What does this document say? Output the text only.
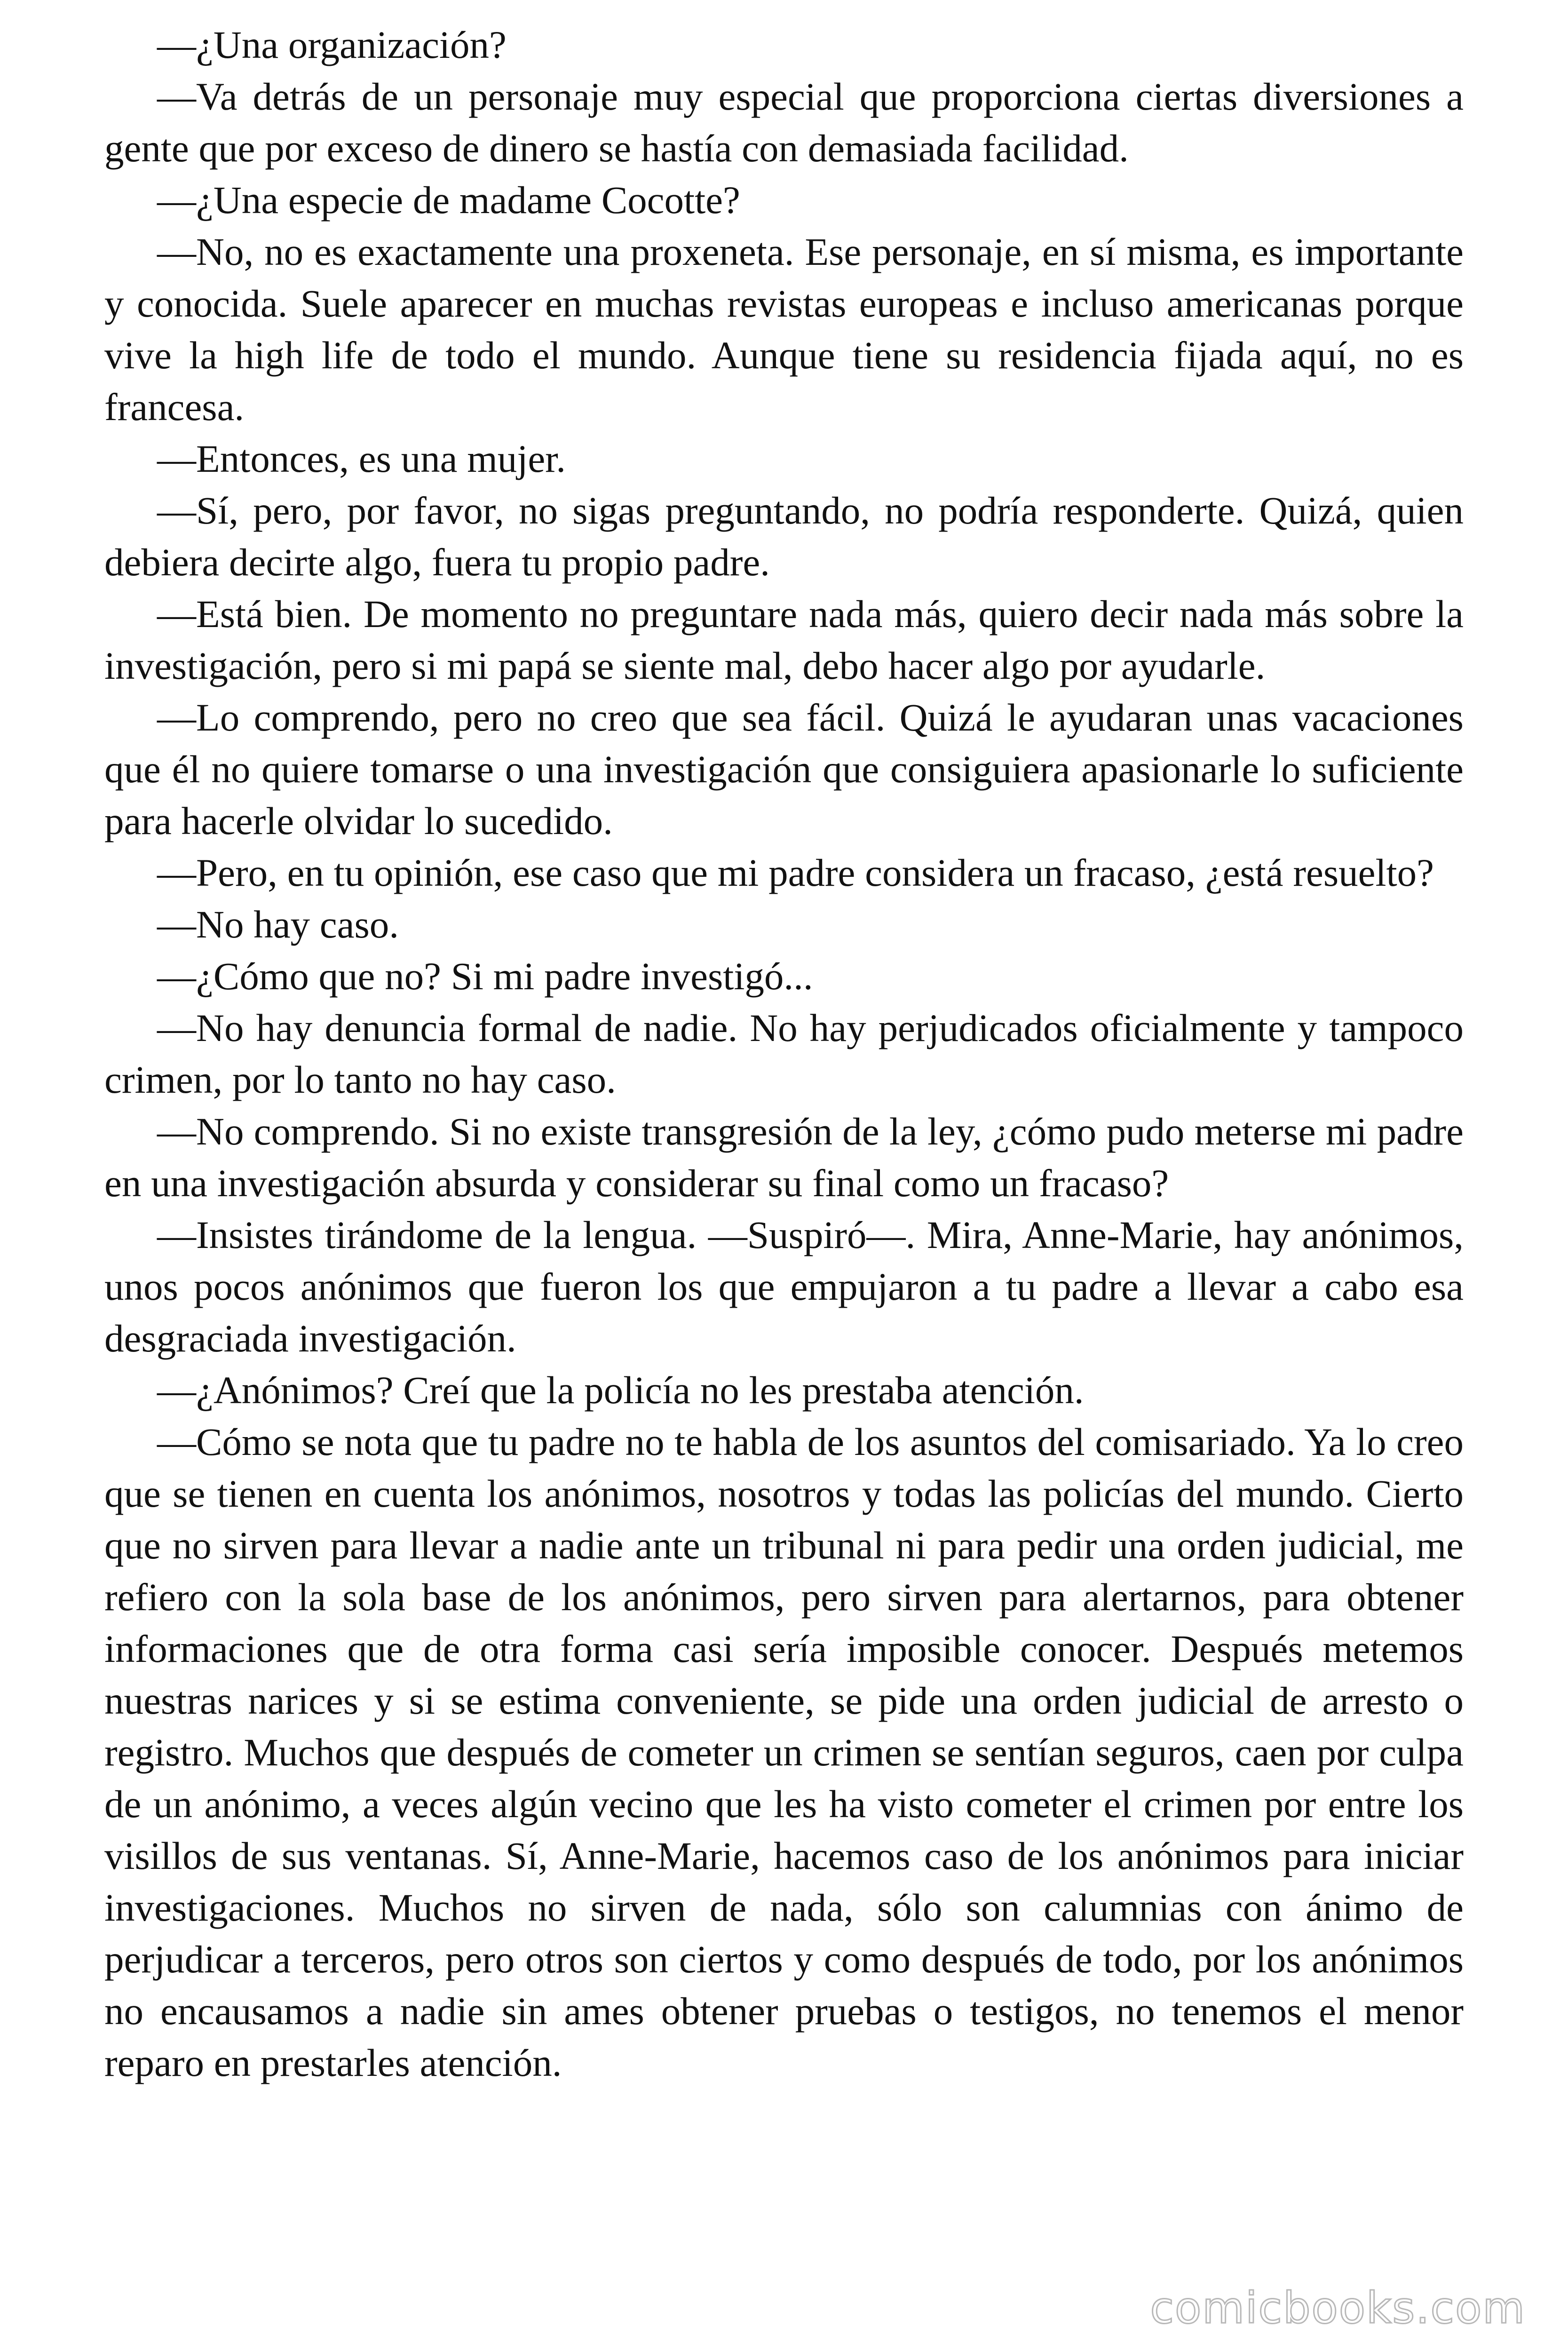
—¿Una organización?

—Va detrás de un personaje muy especial que proporciona ciertas diversiones a gente que por exceso de dinero se hastía con demasiada facilidad.

—¿Una especie de madame Cocotte?

—No, no es exactamente una proxeneta. Ese personaje, en sí misma, es importante y conocida. Suele aparecer en muchas revistas europeas e incluso americanas porque vive la high life de todo el mundo. Aunque tiene su residencia fijada aquí, no es francesa.

—Entonces, es una mujer.

—Sí, pero, por favor, no sigas preguntando, no podría responderte. Quizá, quien debiera decirte algo, fuera tu propio padre.

—Está bien. De momento no preguntare nada más, quiero decir nada más sobre la investigación, pero si mi papá se siente mal, debo hacer algo por ayudarle.

—Lo comprendo, pero no creo que sea fácil. Quizá le ayudaran unas vacaciones que él no quiere tomarse o una investigación que consiguiera apasionarle lo suficiente para hacerle olvidar lo sucedido.

—Pero, en tu opinión, ese caso que mi padre considera un fracaso, ¿está resuelto?

—No hay caso.

—¿Cómo que no? Si mi padre investigó...

—No hay denuncia formal de nadie. No hay perjudicados oficialmente y tampoco crimen, por lo tanto no hay caso.

—No comprendo. Si no existe transgresión de la ley, ¿cómo pudo meterse mi padre en una investigación absurda y considerar su final como un fracaso?

—Insistes tirándome de la lengua. —Suspiró—. Mira, Anne-Marie, hay anónimos, unos pocos anónimos que fueron los que empujaron a tu padre a llevar a cabo esa desgraciada investigación.

—¿Anónimos? Creí que la policía no les prestaba atención.

—Cómo se nota que tu padre no te habla de los asuntos del comisariado. Ya lo creo que se tienen en cuenta los anónimos, nosotros y todas las policías del mundo. Cierto que no sirven para llevar a nadie ante un tribunal ni para pedir una orden judicial, me refiero con la sola base de los anónimos, pero sirven para alertarnos, para obtener informaciones que de otra forma casi sería imposible conocer. Después metemos nuestras narices y si se estima conveniente, se pide una orden judicial de arresto o registro. Muchos que después de cometer un crimen se sentían seguros, caen por culpa de un anónimo, a veces algún vecino que les ha visto cometer el crimen por entre los visillos de sus ventanas. Sí, Anne-Marie, hacemos caso de los anónimos para iniciar investigaciones. Muchos no sirven de nada, sólo son calumnias con ánimo de perjudicar a terceros, pero otros son ciertos y como después de todo, por los anónimos no encausamos a nadie sin ames obtener pruebas o testigos, no tenemos el menor reparo en prestarles atención.

comicbooks.com
